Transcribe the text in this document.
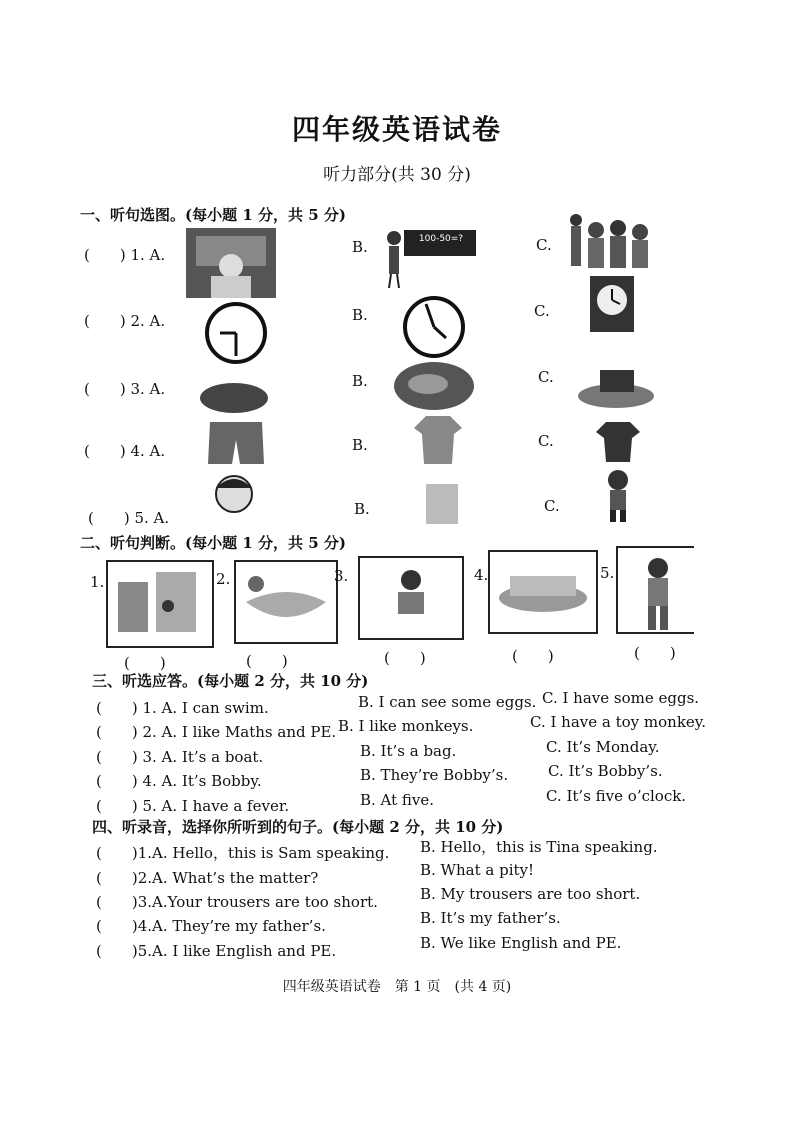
四年级英语试卷
听力部分(共 30 分)
一、听句选图。(每小题 1 分，共 5 分)
(　　) 1. A.	B.	100-50=?	C.
(　　) 2. A.	B.	C.
(　　) 3. A.	B.	C.
(　　) 4. A.	B.	C.
(　　) 5. A.	B.	C.
二、听句判断。(每小题 1 分，共 5 分)
1.	2.	3.	4.	5.
(　　)	(　　)	(　　)	(　　)	(　　)
三、听选应答。(每小题 2 分，共 10 分)
(　　) 1. A. I can swim.	B. I can see some eggs. C. I have some eggs.
(　　) 2. A. I like Maths and PE. B. I like monkeys.	C. I have a toy monkey.
(　　) 3. A. It’s a boat.	B. It’s a bag.	C. It’s Monday.
(　　) 4. A. It’s Bobby.	B. They’re Bobby’s.	C. It’s Bobby’s.
(　　) 5. A. I have a fever.	B. At five.	C. It’s five o’clock.
四、听录音，选择你所听到的句子。(每小题 2 分，共 10 分)
(　　)1.A. Hello，this is Sam speaking. B. Hello，this is Tina speaking.
(　　)2.A. What’s the matter?	B. What a pity!
(　　)3.A.Your trousers are too short.	B. My trousers are too short.
(　　)4.A. They’re my father’s.	B. It’s my father’s.
(　　)5.A. I like English and PE.	B. We like English and PE.
四年级英语试卷　第 1 页　(共 4 页)
